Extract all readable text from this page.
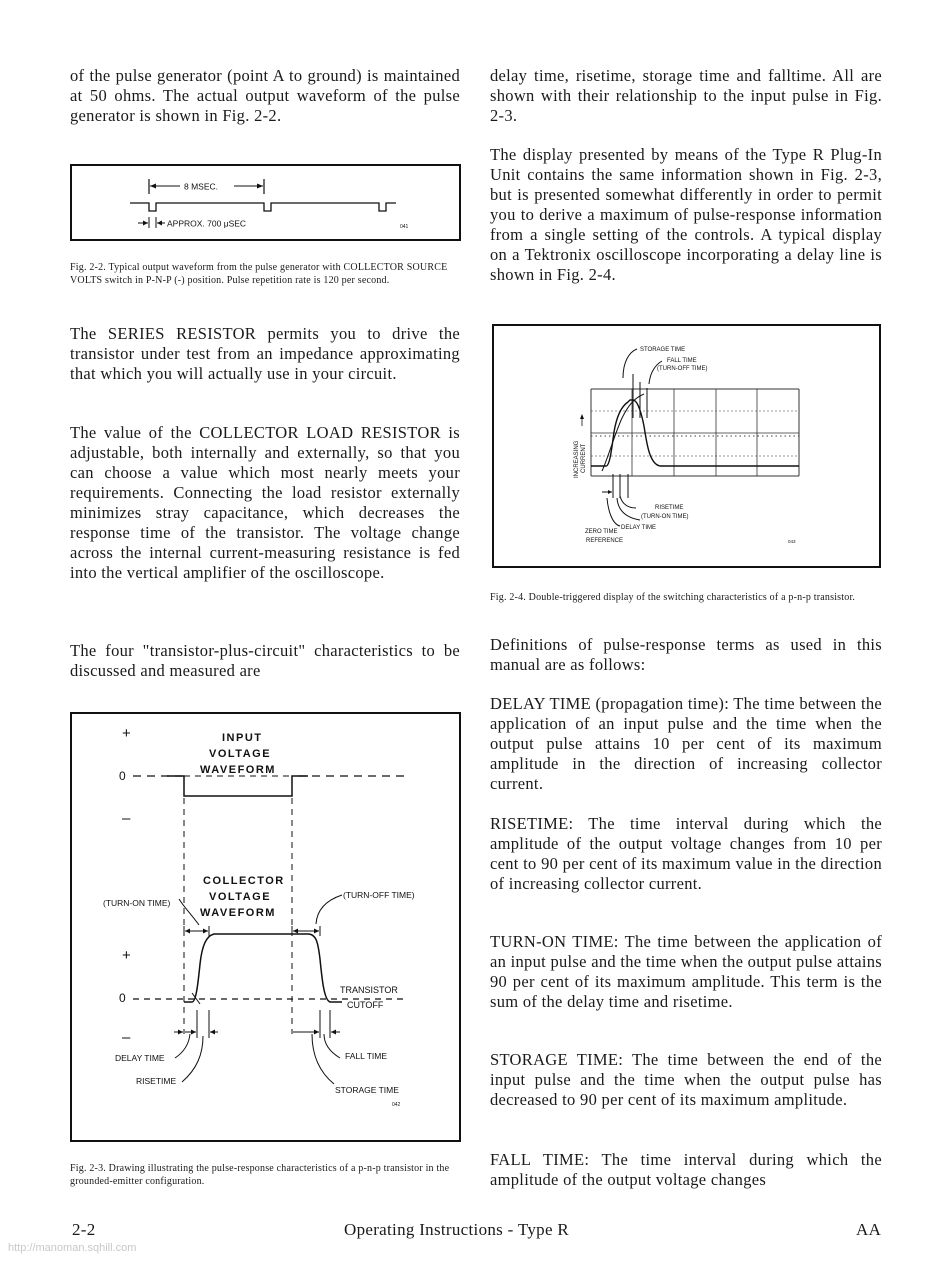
of the pulse generator (point A to ground) is maintained at 50 ohms. The actual output waveform of the pulse generator is shown in Fig. 2-2.

8 MSEC.
APPROX. 700 μSEC	041

Fig. 2-2. Typical output waveform from the pulse generator with COLLECTOR SOURCE VOLTS switch in P-N-P (-) position. Pulse repetition rate is 120 per second.

The SERIES RESISTOR permits you to drive the transistor under test from an impedance approximating that which you will actually use in your circuit.

The value of the COLLECTOR LOAD RESISTOR is adjustable, both internally and externally, so that you can choose a value which most nearly meets your requirements. Connecting the load resistor externally minimizes stray capacitance, which decreases the response time of the transistor. The voltage change across the internal current-measuring resistance is fed into the vertical amplifier of the oscilloscope.

The four "transistor-plus-circuit" characteristics to be discussed and measured are

+
0
–
+
0
–
INPUT
VOLTAGE
WAVEFORM
COLLECTOR
VOLTAGE
WAVEFORM
(TURN-ON TIME)
(TURN-OFF TIME)
TRANSISTOR
CUTOFF
DELAY TIME
RISETIME
FALL TIME
STORAGE TIME
042

Fig. 2-3. Drawing illustrating the pulse-response characteristics of a p-n-p transistor in the grounded-emitter configuration.

delay time, risetime, storage time and falltime. All are shown with their relationship to the input pulse in Fig. 2-3.

The display presented by means of the Type R Plug-In Unit contains the same information shown in Fig. 2-3, but is presented somewhat differently in order to permit you to derive a maximum of pulse-response information from a single setting of the controls. A typical display on a Tektronix oscilloscope incorporating a delay line is shown in Fig. 2-4.

STORAGE TIME
FALL TIME
(TURN-OFF TIME)
INCREASING CURRENT
RISETIME
(TURN-ON TIME)
DELAY TIME
ZERO TIME
REFERENCE	043

Fig. 2-4. Double-triggered display of the switching characteristics of a p-n-p transistor.

Definitions of pulse-response terms as used in this manual are as follows:

DELAY TIME (propagation time): The time between the application of an input pulse and the time when the output pulse attains 10 per cent of its maximum amplitude in the direction of increasing collector current.

RISETIME: The time interval during which the amplitude of the output voltage changes from 10 per cent to 90 per cent of its maximum value in the direction of increasing collector current.

TURN-ON TIME: The time between the application of an input pulse and the time when the output pulse attains 90 per cent of its maximum amplitude. This term is the sum of the delay time and risetime.

STORAGE TIME: The time between the end of the input pulse and the time when the output pulse has decreased to 90 per cent of its maximum amplitude.

FALL TIME: The time interval during which the amplitude of the output voltage changes

2-2	Operating Instructions - Type R	AA
http://manoman.sqhill.com
